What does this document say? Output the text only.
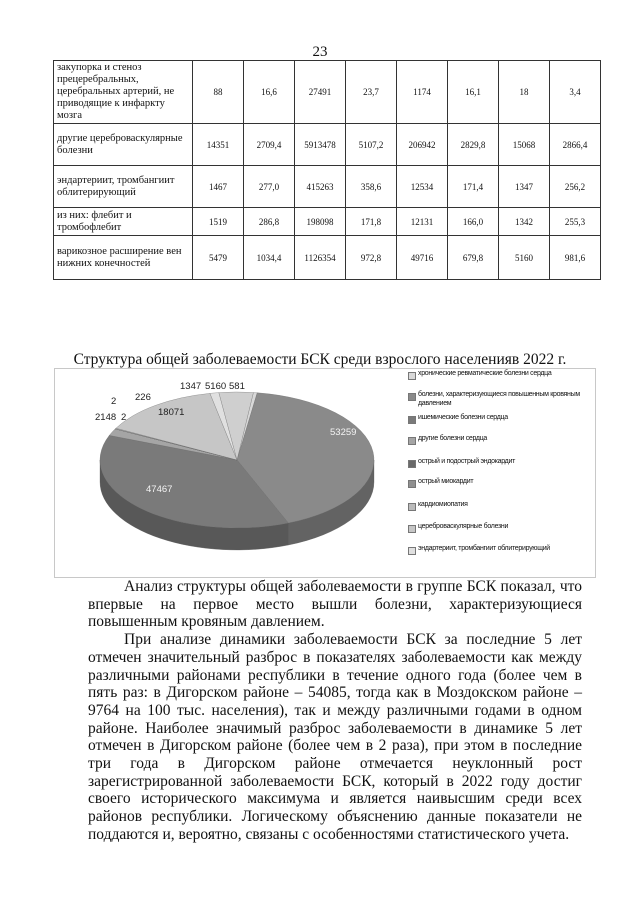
23
закупорка и стеноз прецеребральных, церебральных артерий, не приводящие к инфаркту мозга	88	16,6	27491	23,7	1174	16,1	18	3,4
другие цереброваскулярные болезни	14351	2709,4	5913478	5107,2	206942	2829,8	15068	2866,4
эндартериит, тромбангиит облитерирующий	1467	277,0	415263	358,6	12534	171,4	1347	256,2
из них: флебит и тромбофлебит	1519	286,8	198098	171,8	12131	166,0	1342	255,3
варикозное расширение вен нижних конечностей	5479	1034,4	1126354	972,8	49716	679,8	5160	981,6
Структура общей заболеваемости БСК среди взрослого населенияв 2022 г.
53259
47467
2148
2
2
226
18071
1347 5160 581
хронические ревматические болезни сердца
болезни, характеризующиеся повышенным кровяным давлением
ишемические болезни сердца
другие болезни сердца
острый и подострый эндокардит
острый миокардит
кардиомиопатия
цереброваскулярные болезни
эндартериит, тромбангиит облитерирующий

Анализ структуры общей заболеваемости в группе БСК показал, что впервые на первое место вышли болезни, характеризующиеся повышенным кровяным давлением.

При анализе динамики заболеваемости БСК за последние 5 лет отмечен значительный разброс в показателях заболеваемости как между различными районами республики в течение одного года (более чем в пять раз: в Дигорском районе – 54085, тогда как в Моздокском районе – 9764 на 100 тыс. населения), так и между различными годами в одном районе. Наиболее значимый разброс заболеваемости в динамике 5 лет отмечен в Дигорском районе (более чем в 2 раза), при этом в последние три года в Дигорском районе отмечается неуклонный рост зарегистрированной заболеваемости БСК, который в 2022 году достиг своего исторического максимума и является наивысшим среди всех районов республики. Логическому объяснению данные показатели не поддаются и, вероятно, связаны с особенностями статистического учета.
